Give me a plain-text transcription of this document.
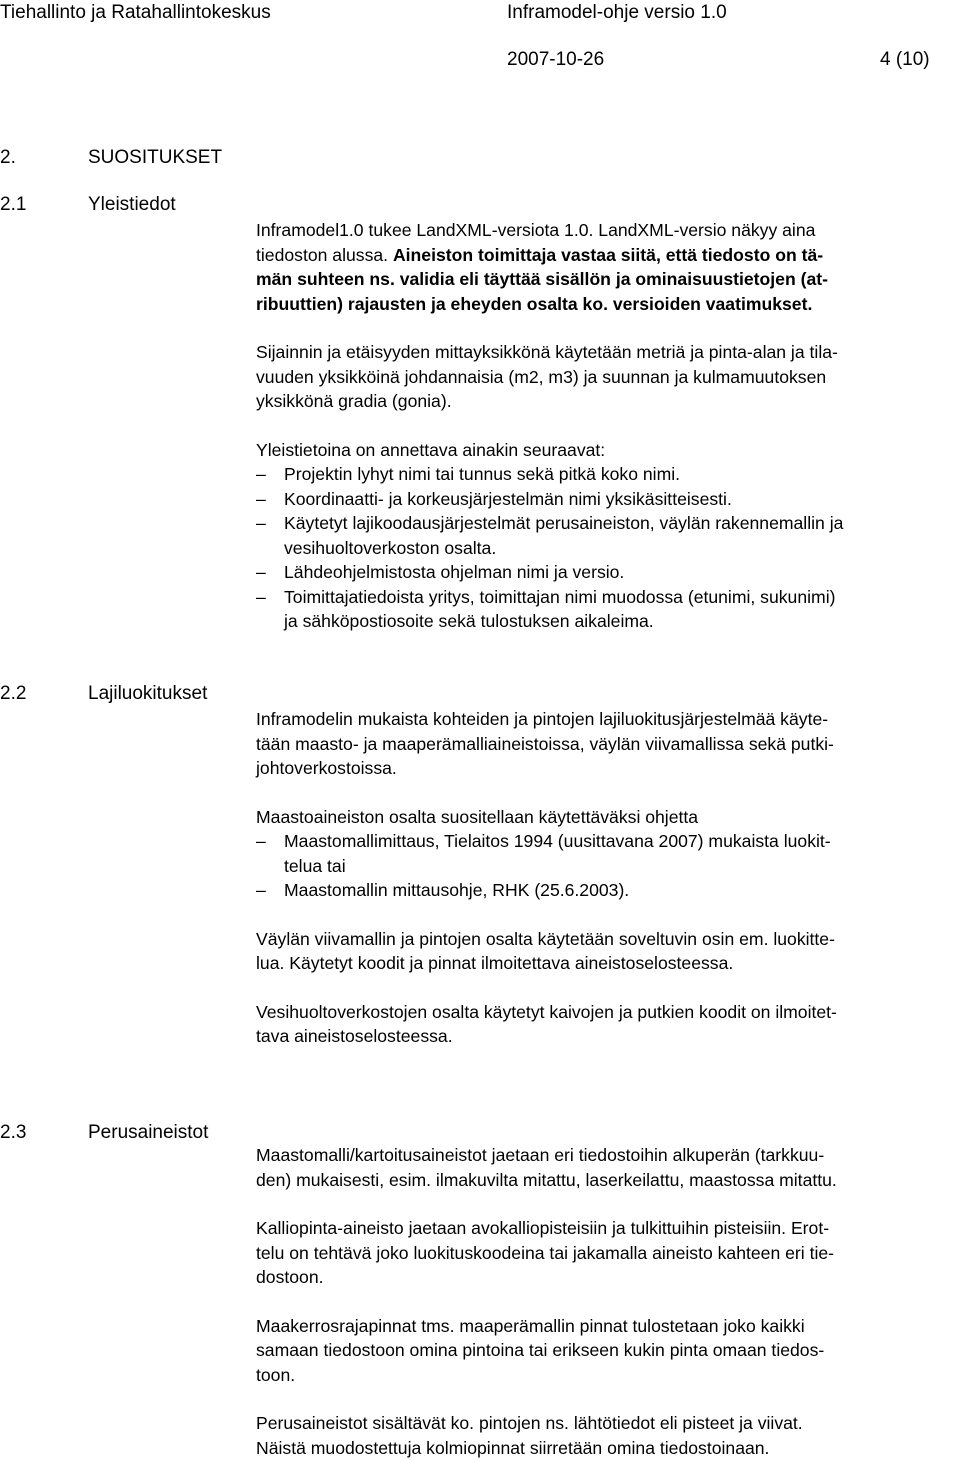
Tiehallinto ja Ratahallintokeskus	Inframodel-ohje versio 1.0
2007-10-26	4 (10)
2.	SUOSITUKSET
2.1	Yleistiedot

Inframodel1.0 tukee LandXML-versiota 1.0. LandXML-versio näkyy aina
tiedoston alussa. Aineiston toimittaja vastaa siitä, että tiedosto on tä-
män suhteen ns. validia eli täyttää sisällön ja ominaisuustietojen (at-
ribuuttien) rajausten ja eheyden osalta ko. versioiden vaatimukset.

Sijainnin ja etäisyyden mittayksikkönä käytetään metriä ja pinta-alan ja tila-
vuuden yksikköinä johdannaisia (m2, m3) ja suunnan ja kulmamuutoksen
yksikkönä gradia (gonia).

Yleistietoina on annettava ainakin seuraavat:

– Projektin lyhyt nimi tai tunnus sekä pitkä koko nimi.
– Koordinaatti- ja korkeusjärjestelmän nimi yksikäsitteisesti.
– Käytetyt lajikoodausjärjestelmät perusaineiston, väylän rakennemallin ja
vesihuoltoverkoston osalta.
– Lähdeohjelmistosta ohjelman nimi ja versio.
– Toimittajatiedoista yritys, toimittajan nimi muodossa (etunimi, sukunimi)
ja sähköpostiosoite sekä tulostuksen aikaleima.
2.2	Lajiluokitukset

Inframodelin mukaista kohteiden ja pintojen lajiluokitusjärjestelmää käyte-
tään maasto- ja maaperämalliaineistoissa, väylän viivamallissa sekä putki-
johtoverkostoissa.

Maastoaineiston osalta suositellaan käytettäväksi ohjetta

– Maastomallimittaus, Tielaitos 1994 (uusittavana 2007) mukaista luokit-
telua tai
– Maastomallin mittausohje, RHK (25.6.2003).

Väylän viivamallin ja pintojen osalta käytetään soveltuvin osin em. luokitte-
lua. Käytetyt koodit ja pinnat ilmoitettava aineistoselosteessa.

Vesihuoltoverkostojen osalta käytetyt kaivojen ja putkien koodit on ilmoitet-
tava aineistoselosteessa.

2.3	Perusaineistot

Maastomalli/kartoitusaineistot jaetaan eri tiedostoihin alkuperän (tarkkuu-
den) mukaisesti, esim. ilmakuvilta mitattu, laserkeilattu, maastossa mitattu.

Kalliopinta-aineisto jaetaan avokalliopisteisiin ja tulkittuihin pisteisiin. Erot-
telu on tehtävä joko luokituskoodeina tai jakamalla aineisto kahteen eri tie-
dostoon.

Maakerrosrajapinnat tms. maaperämallin pinnat tulostetaan joko kaikki
samaan tiedostoon omina pintoina tai erikseen kukin pinta omaan tiedos-
toon.

Perusaineistot sisältävät ko. pintojen ns. lähtötiedot eli pisteet ja viivat.
Näistä muodostettuja kolmiopinnat siirretään omina tiedostoinaan.
